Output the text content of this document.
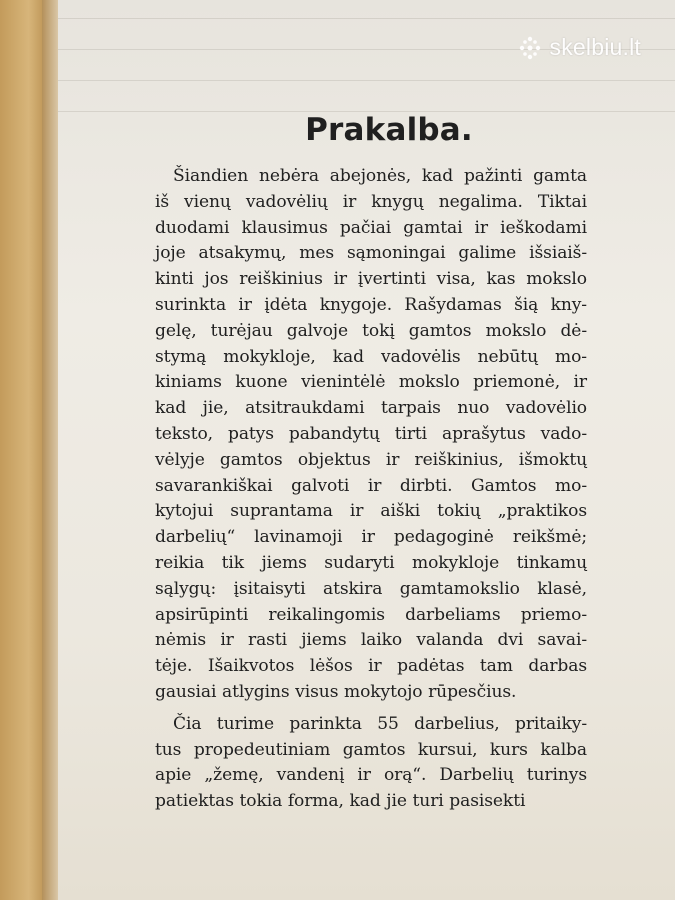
skelbiu.lt
Prakalba.

Šiandien nebėra abejonės, kad pažinti gamta
iš vienų vadovėlių ir knygų negalima. Tiktai
duodami klausimus pačiai gamtai ir ieškodami
joje atsakymų, mes sąmoningai galime išsiaiš-
kinti jos reiškinius ir įvertinti visa, kas mokslo
surinkta ir įdėta knygoje. Rašydamas šią kny-
gelę, turėjau galvoje tokį gamtos mokslo dė-
stymą mokykloje, kad vadovėlis nebūtų mo-
kiniams kuone vienintėlė mokslo priemonė, ir
kad jie, atsitraukdami tarpais nuo vadovėlio
teksto, patys pabandytų tirti aprašytus vado-
vėlyje gamtos objektus ir reiškinius, išmoktų
savarankiškai galvoti ir dirbti. Gamtos mo-
kytojui suprantama ir aiški tokių „praktikos
darbelių“ lavinamoji ir pedagoginė reikšmė;
reikia tik jiems sudaryti mokykloje tinkamų
sąlygų: įsitaisyti atskira gamtamokslio klasė,
apsirūpinti reikalingomis darbeliams priemo-
nėmis ir rasti jiems laiko valanda dvi savai-
tėje. Išaikvotos lėšos ir padėtas tam darbas
gausiai atlygins visus mokytojo rūpesčius.

Čia turime parinkta 55 darbelius, pritaiky-
tus propedeutiniam gamtos kursui, kurs kalba
apie „žemę, vandenį ir orą“. Darbelių turinys
patiektas tokia forma, kad jie turi pasisekti
